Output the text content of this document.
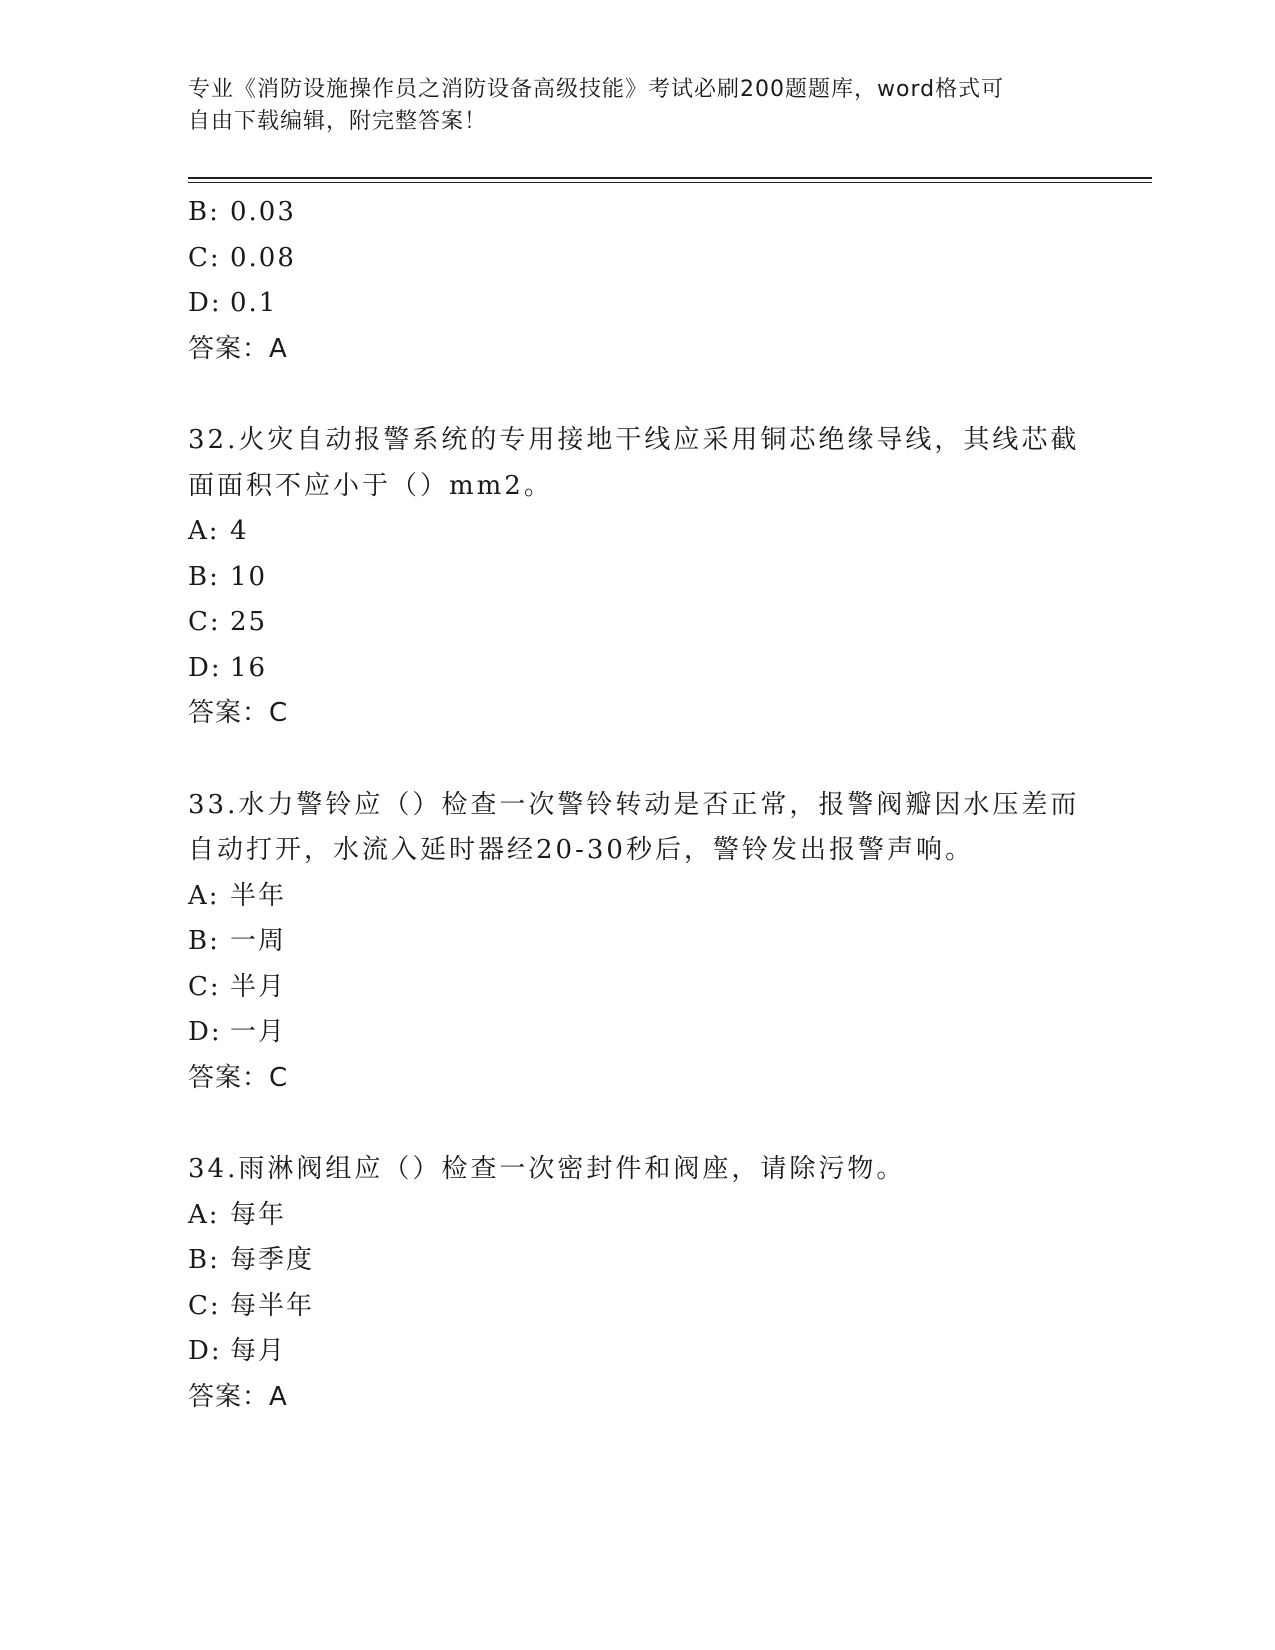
专业《消防设施操作员之消防设备高级技能》考试必刷200题题库，word格式可
自由下载编辑，附完整答案！
B: 0.03
C: 0.08
D: 0.1
答案：A
32.火灾自动报警系统的专用接地干线应采用铜芯绝缘导线，其线芯截
面面积不应小于（）mm2。
A: 4
B: 10
C: 25
D: 16
答案：C
33.水力警铃应（）检查一次警铃转动是否正常，报警阀瓣因水压差而
自动打开，水流入延时器经20-30秒后，警铃发出报警声响。
A: 半年
B: 一周
C: 半月
D: 一月
答案：C
34.雨淋阀组应（）检查一次密封件和阀座，请除污物。
A: 每年
B: 每季度
C: 每半年
D: 每月
答案：A
